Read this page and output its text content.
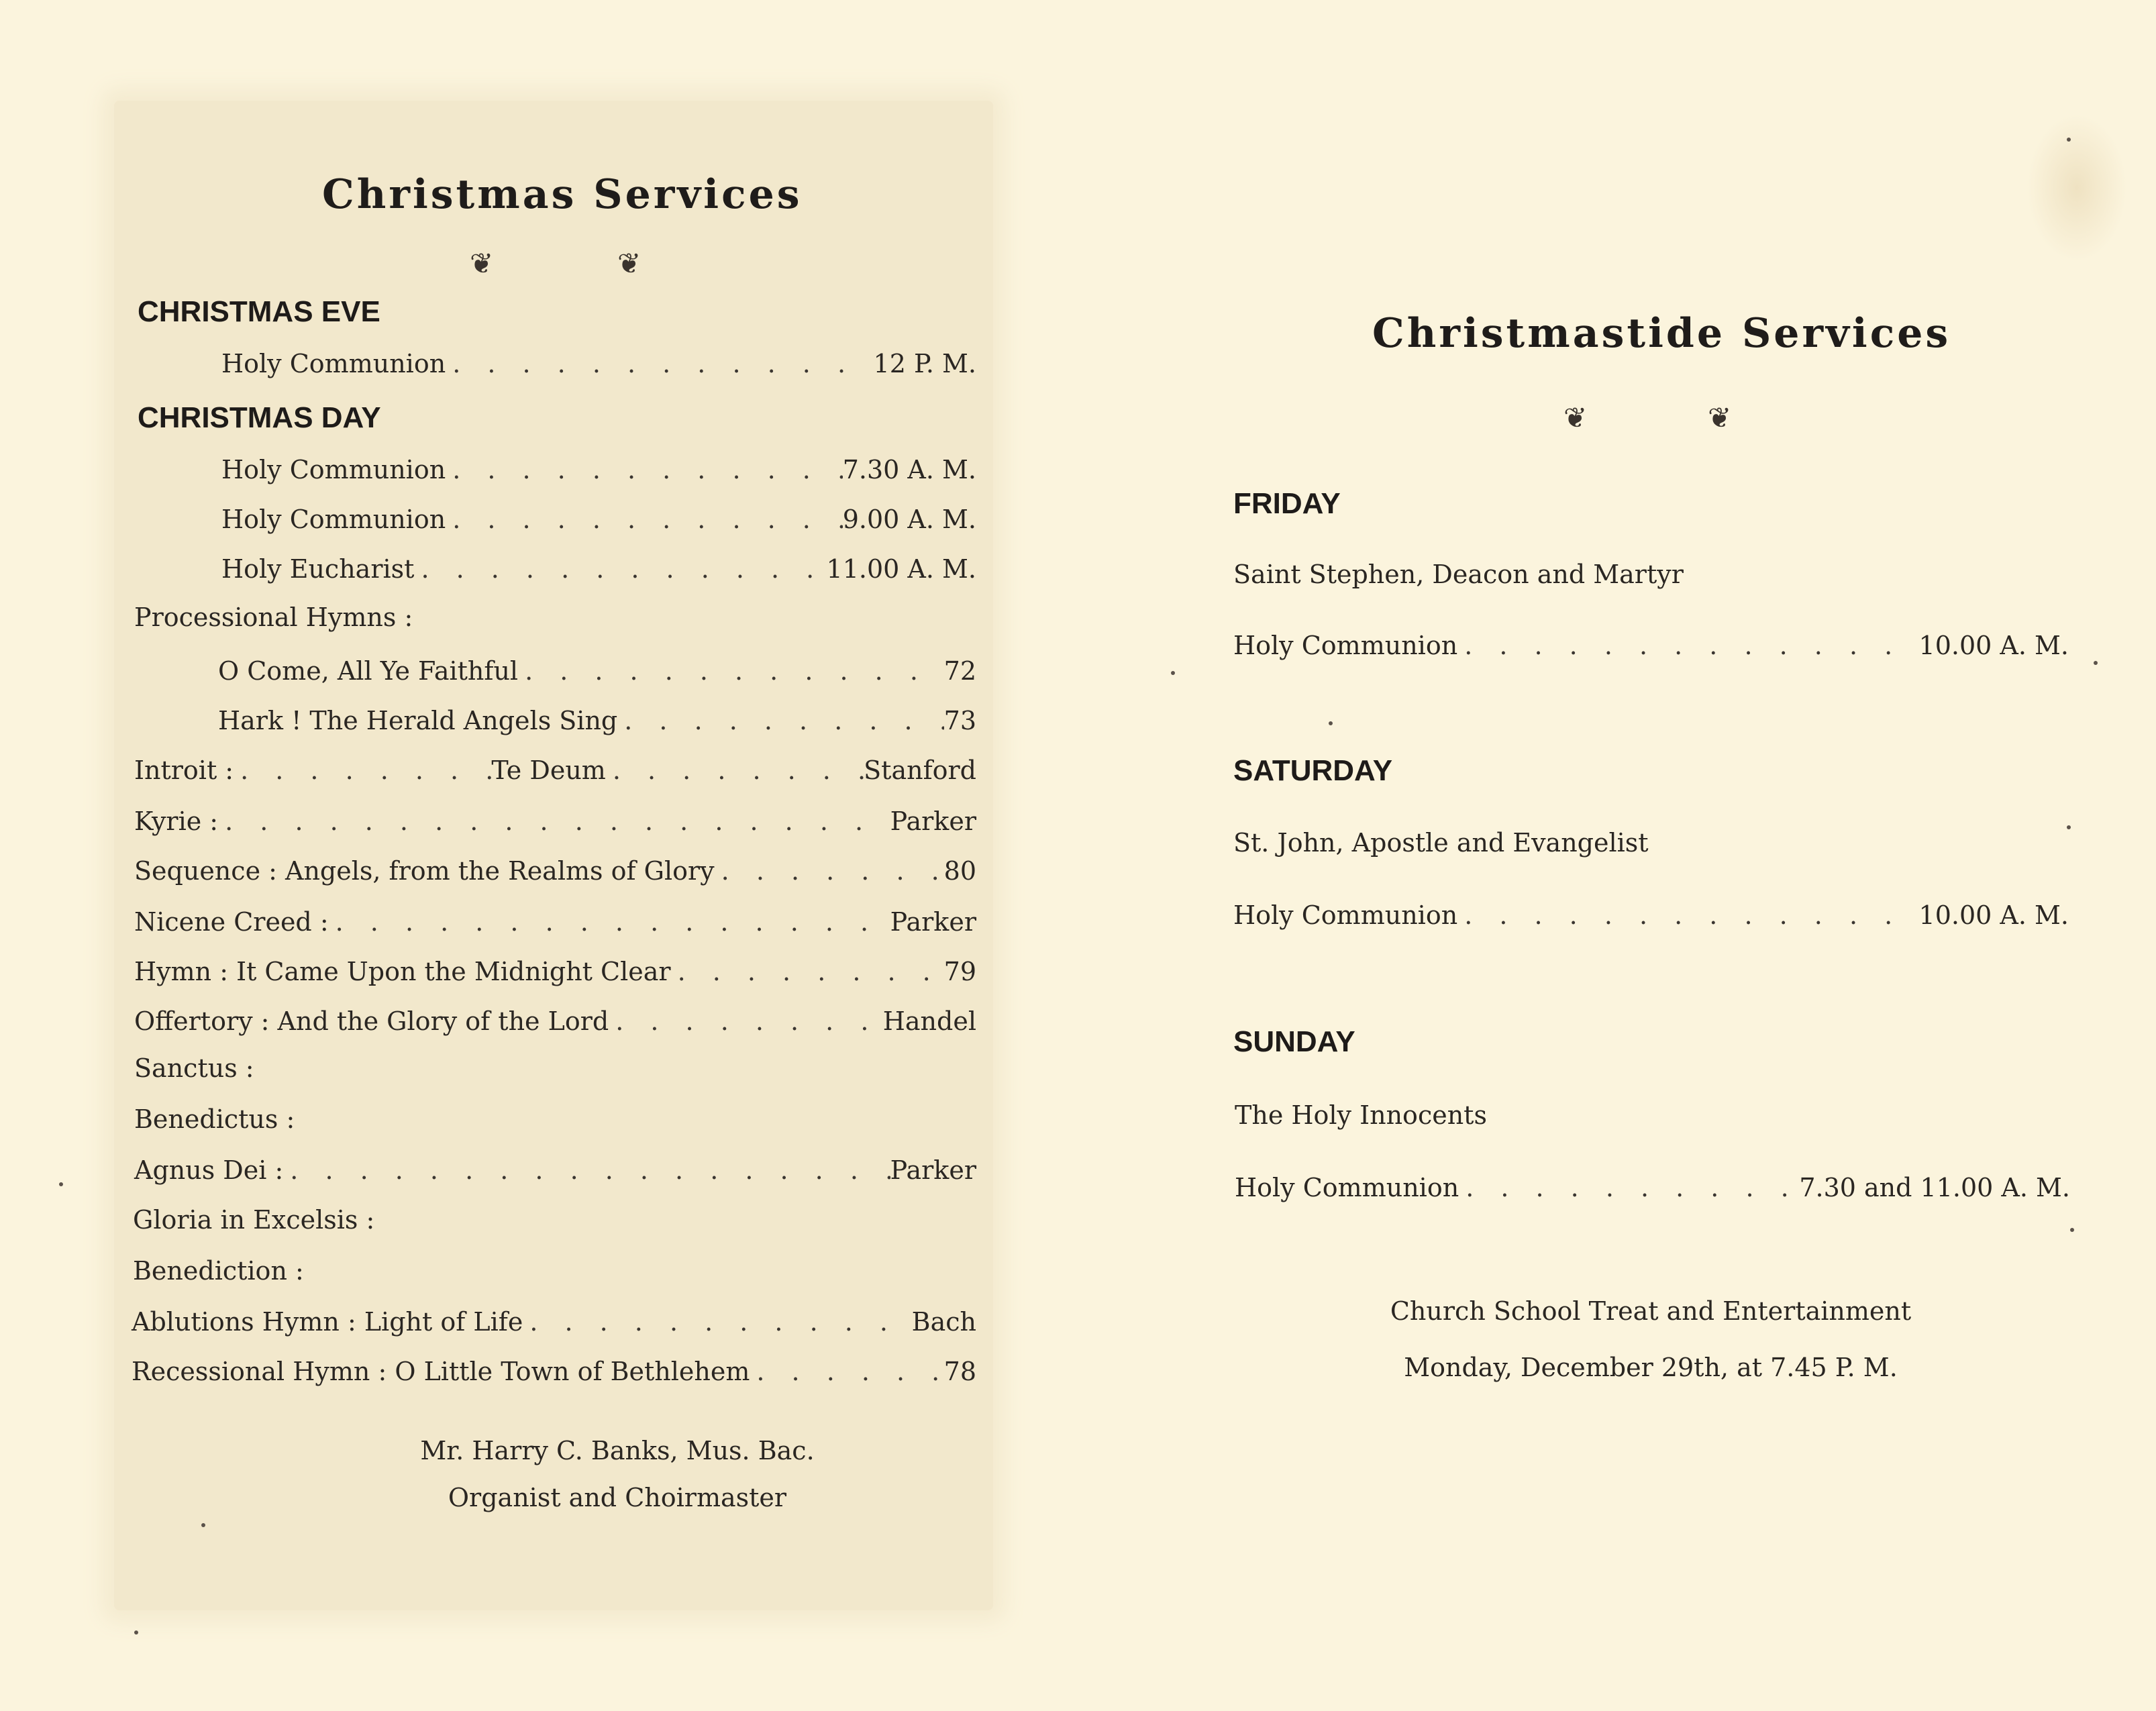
Christmas Services
❦	❦
CHRISTMAS EVE
Holy Communion . . .	12 P. M.
CHRISTMAS DAY
Holy Communion . . .	7.30 A. M.
Holy Communion . . .	9.00 A. M.
Holy Eucharist . . .	11.00 A. M.
Processional Hymns :
O Come, All Ye Faithful . . .	72
Hark ! The Herald Angels Sing . . .	73
Introit : . . .	Te Deum . . .	Stanford
Kyrie : . . .	Parker
Sequence : Angels, from the Realms of Glory . . .	80
Nicene Creed : . . .	Parker
Hymn : It Came Upon the Midnight Clear . . .	79
Offertory : And the Glory of the Lord . . .	Handel
Sanctus :
Benedictus :
Agnus Dei : . . .	Parker
Gloria in Excelsis :
Benediction :
Ablutions Hymn : Light of Life . . .	Bach
Recessional Hymn : O Little Town of Bethlehem . . .	78
Mr. Harry C. Banks, Mus. Bac.
Organist and Choirmaster
Christmastide Services
❦	❦
FRIDAY
Saint Stephen, Deacon and Martyr
Holy Communion . . .	10.00 A. M.
SATURDAY
St. John, Apostle and Evangelist
Holy Communion . . .	10.00 A. M.
SUNDAY
The Holy Innocents
Holy Communion . . .	7.30 and 11.00 A. M.
Church School Treat and Entertainment
Monday, December 29th, at 7.45 P. M.
